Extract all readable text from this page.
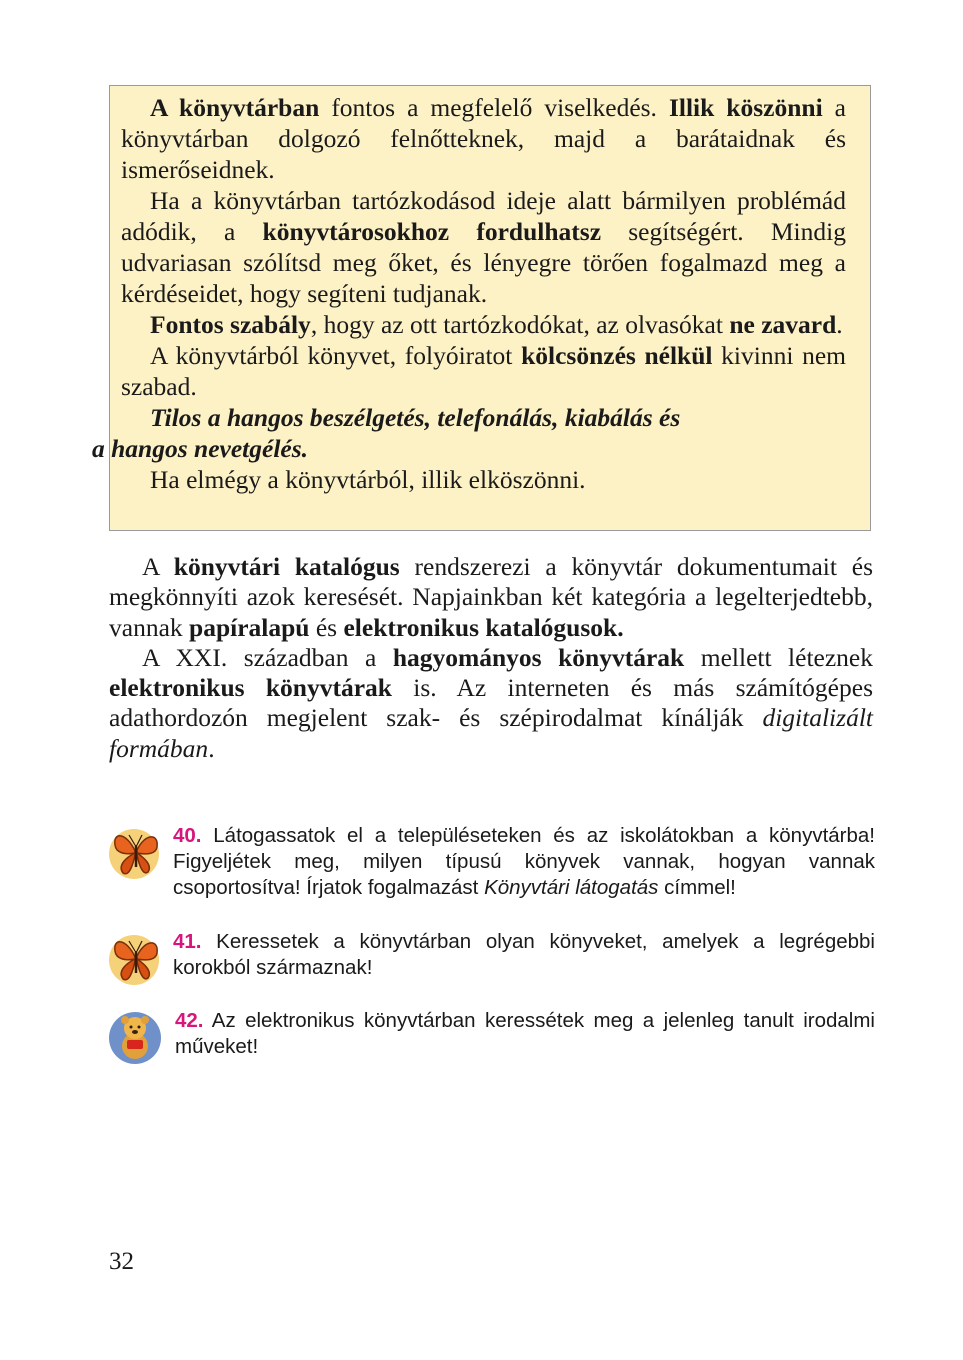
A könyvtárban fontos a megfelelő viselkedés. Illik köszönni a könyvtárban dolgozó felnőtteknek, majd a barátaidnak és ismerőseidnek.

Ha a könyvtárban tartózkodásod ideje alatt bármilyen problémád adódik, a könyvtárosokhoz fordulhatsz segítségért. Mindig udvariasan szólítsd meg őket, és lényegre törően fogalmazd meg a kérdéseidet, hogy segíteni tudjanak.

Fontos szabály, hogy az ott tartózkodókat, az olvasókat ne zavard.

A könyvtárból könyvet, folyóiratot kölcsönzés nélkül kivinni nem szabad.

Tilos a hangos beszélgetés, telefonálás, kiabálás és
a hangos nevetgélés.

Ha elmégy a könyvtárból, illik elköszönni.

A könyvtári katalógus rendszerezi a könyvtár dokumentumait és megkönnyíti azok keresését. Napjainkban két kategória a legelterjedtebb, vannak papíralapú és elektronikus katalógusok.

A XXI. században a hagyományos könyvtárak mellett léteznek elektronikus könyvtárak is. Az interneten és más számítógépes adathordozón megjelent szak- és szépirodalmat kínálják digitalizált formában.

40. Látogassatok el a településeteken és az iskolátokban a könyvtárba! Figyeljétek meg, milyen típusú könyvek vannak, hogyan vannak csoportosítva! Írjatok fogalmazást Könyvtári látogatás címmel!
41. Keressetek a könyvtárban olyan könyveket, amelyek a legrégebbi korokból származnak!
42. Az elektronikus könyvtárban keressétek meg a jelenleg tanult irodalmi műveket!
32
